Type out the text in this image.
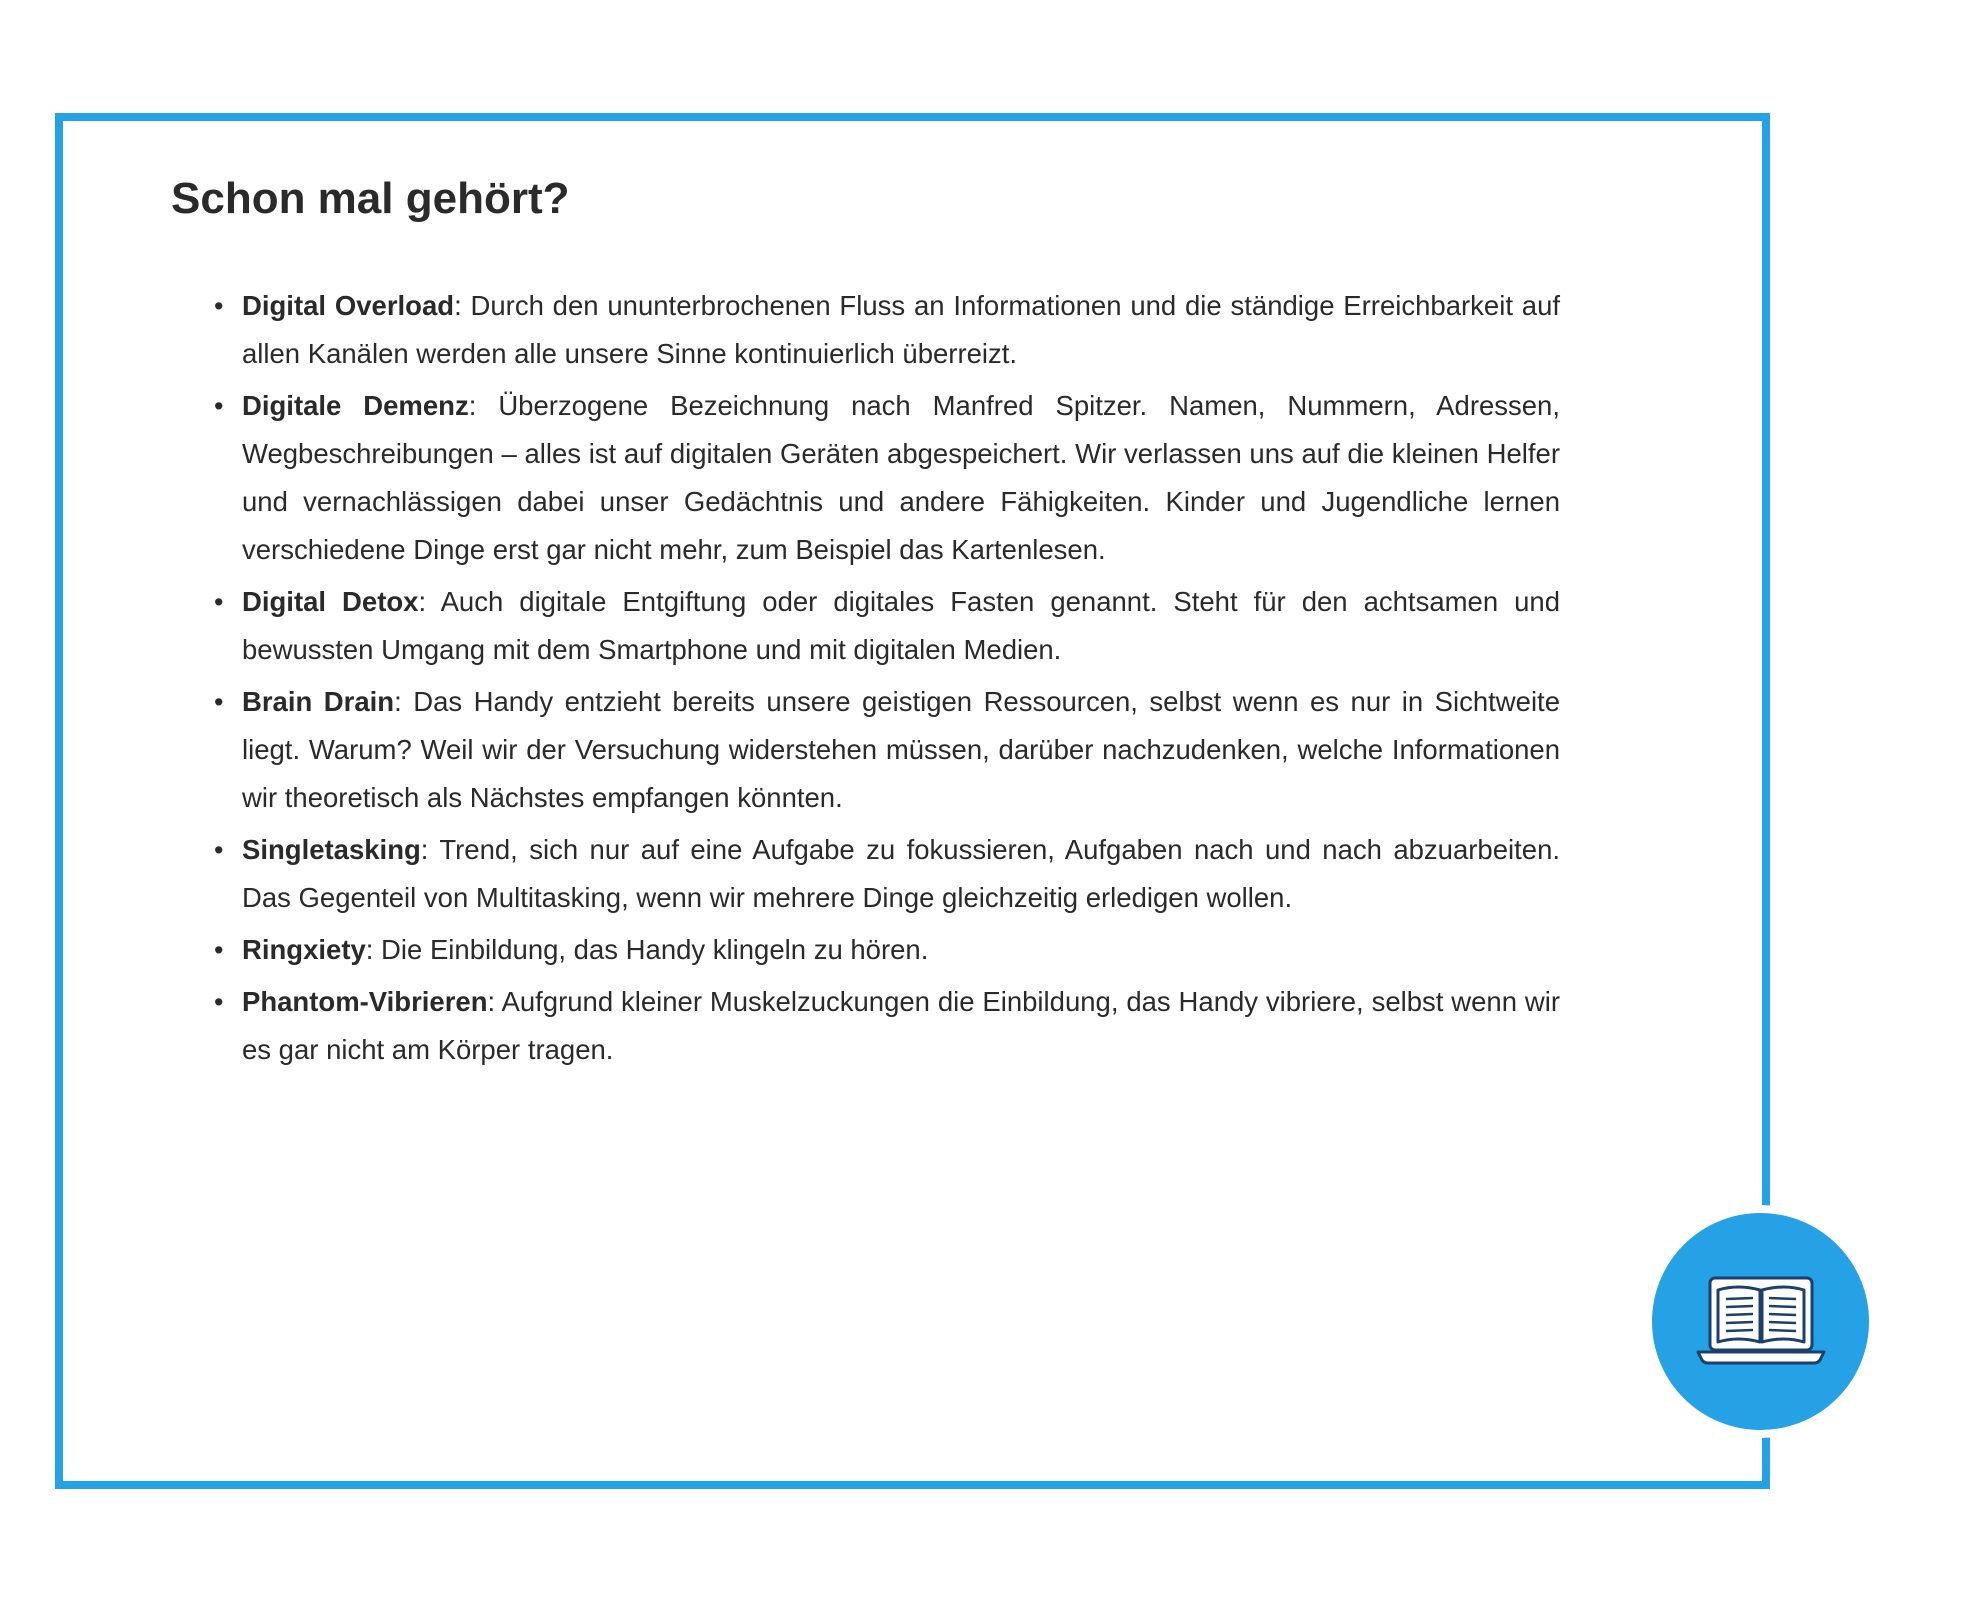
Schon mal gehört?
• Digital Overload: Durch den ununterbrochenen Fluss an Informationen und die ständige Erreichbarkeit auf allen Kanälen werden alle unsere Sinne kontinuierlich überreizt.
• Digitale Demenz: Überzogene Bezeichnung nach Manfred Spitzer. Namen, Nummern, Adressen, Wegbeschreibungen – alles ist auf digitalen Geräten abgespeichert. Wir verlassen uns auf die kleinen Helfer und vernachlässigen dabei unser Gedächtnis und andere Fähigkeiten. Kinder und Jugendliche lernen verschiedene Dinge erst gar nicht mehr, zum Beispiel das Kartenlesen.
• Digital Detox: Auch digitale Entgiftung oder digitales Fasten genannt. Steht für den achtsamen und bewussten Umgang mit dem Smartphone und mit digitalen Medien.
• Brain Drain: Das Handy entzieht bereits unsere geistigen Ressourcen, selbst wenn es nur in Sichtweite liegt. Warum? Weil wir der Versuchung widerstehen müssen, darüber nachzudenken, welche Informationen wir theoretisch als Nächstes empfangen könnten.
• Singletasking: Trend, sich nur auf eine Aufgabe zu fokussieren, Aufgaben nach und nach abzuarbeiten. Das Gegenteil von Multitasking, wenn wir mehrere Dinge gleichzeitig erledigen wollen.
• Ringxiety: Die Einbildung, das Handy klingeln zu hören.
• Phantom-Vibrieren: Aufgrund kleiner Muskelzuckungen die Einbildung, das Handy vibriere, selbst wenn wir es gar nicht am Körper tragen.
